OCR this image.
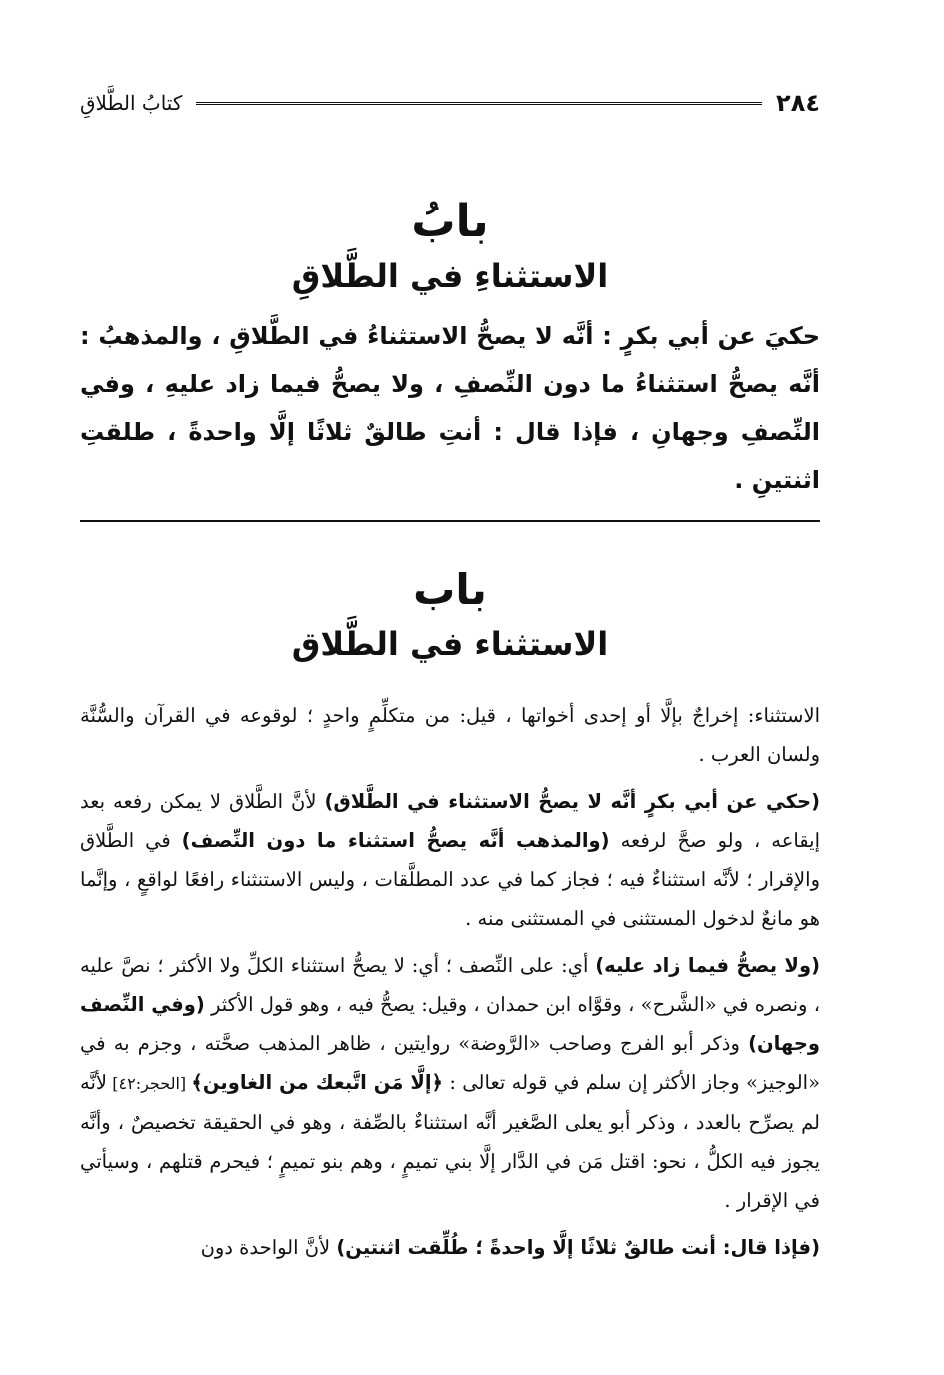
٢٨٤
كتابُ الطَّلاقِ
بابُ
الاستثناءِ في الطَّلاقِ

حكيَ عن أبي بكرٍ : أنَّه لا يصحُّ الاستثناءُ في الطَّلاقِ ، والمذهبُ : أنَّه يصحُّ استثناءُ ما دون النِّصفِ ، ولا يصحُّ فيما زاد عليهِ ، وفي النِّصفِ وجهانِ ، فإذا قال : أنتِ طالقٌ ثلاثًا إلَّا واحدةً ، طلقتِ اثنتينِ .

باب
الاستثناء في الطَّلاق

الاستثناء: إخراجٌ بإلَّا أو إحدى أخواتها ، قيل: من متكلِّمٍ واحدٍ ؛ لوقوعه في القرآن والسُّنَّة ولسان العرب .

(حكي عن أبي بكرٍ أنَّه لا يصحُّ الاستثناء في الطَّلاق) لأنَّ الطَّلاق لا يمكن رفعه بعد إيقاعه ، ولو صحَّ لرفعه (والمذهب أنَّه يصحُّ استثناء ما دون النِّصف) في الطَّلاق والإقرار ؛ لأنَّه استثناءٌ فيه ؛ فجاز كما في عدد المطلَّقات ، وليس الاستنثناء رافعًا لواقعٍ ، وإنَّما هو مانعٌ لدخول المستثنى في المستثنى منه .

(ولا يصحُّ فيما زاد عليه) أي: على النِّصف ؛ أي: لا يصحُّ استثناء الكلِّ ولا الأكثر ؛ نصَّ عليه ، ونصره في «الشَّرح» ، وقوَّاه ابن حمدان ، وقيل: يصحُّ فيه ، وهو قول الأكثر (وفي النِّصف وجهان) وذكر أبو الفرج وصاحب «الرَّوضة» روايتين ، ظاهر المذهب صحَّته ، وجزم به في «الوجيز» وجاز الأكثر إن سلم في قوله تعالى : ﴿إلَّا مَن اتَّبعك من الغاوين﴾ [الحجر:٤٢] لأنَّه لم يصرِّح بالعدد ، وذكر أبو يعلى الصَّغير أنَّه استثناءٌ بالصِّفة ، وهو في الحقيقة تخصيصٌ ، وأنَّه يجوز فيه الكلُّ ، نحو: اقتل مَن في الدَّار إلَّا بني تميمٍ ، وهم بنو تميمٍ ؛ فيحرم قتلهم ، وسيأتي في الإقرار .

(فإذا قال: أنت طالقٌ ثلاثًا إلَّا واحدةً ؛ طُلِّقت اثنتين) لأنَّ الواحدة دون
